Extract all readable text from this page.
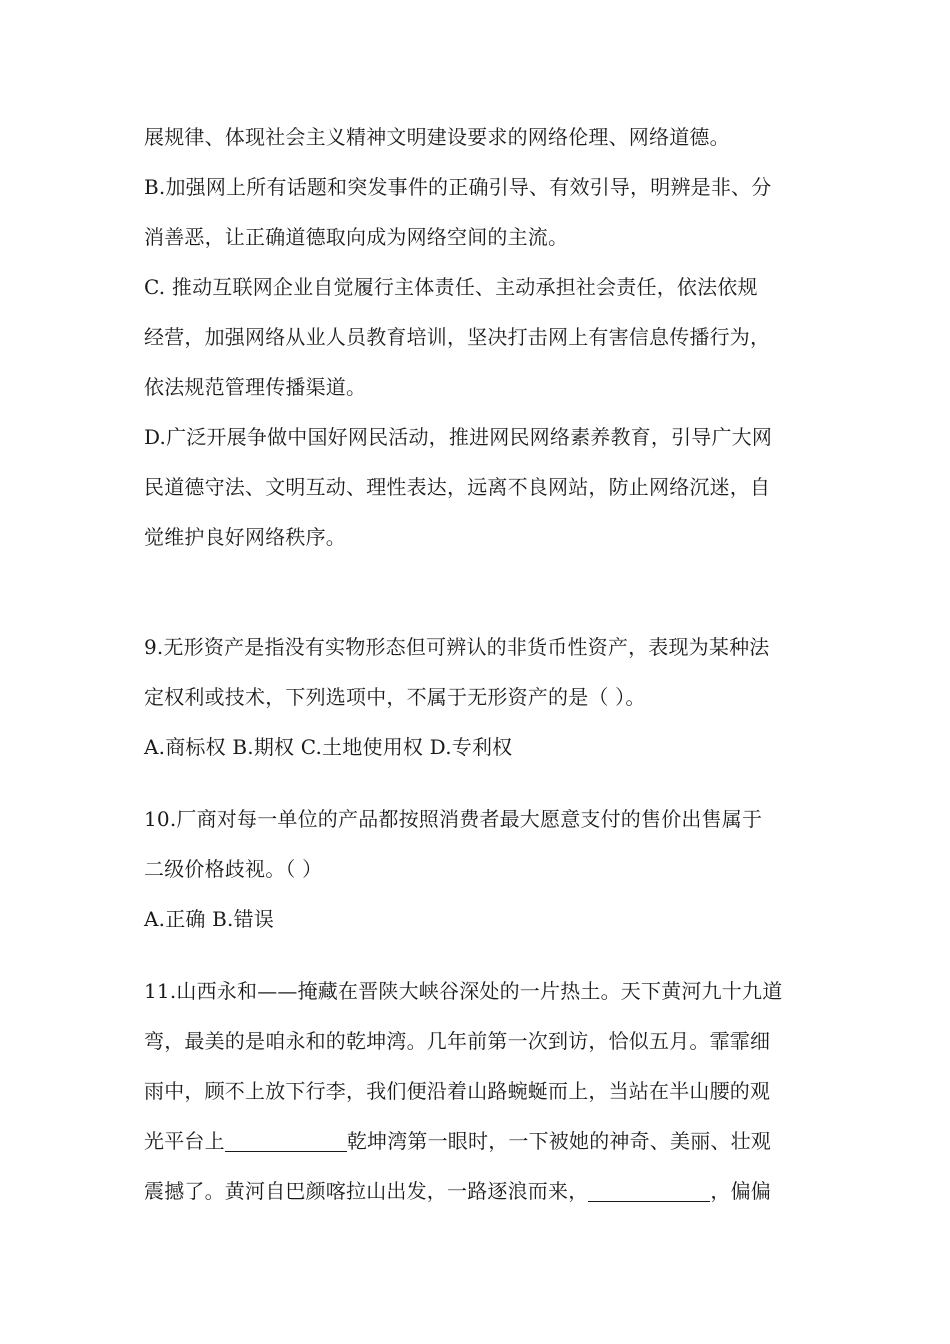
展规律、体现社会主义精神文明建设要求的网络伦理、网络道德。
B.加强网上所有话题和突发事件的正确引导、有效引导，明辨是非、分
消善恶，让正确道德取向成为网络空间的主流。
C. 推动互联网企业自觉履行主体责任、主动承担社会责任，依法依规
经营，加强网络从业人员教育培训，坚决打击网上有害信息传播行为，
依法规范管理传播渠道。
D.广泛开展争做中国好网民活动，推进网民网络素养教育，引导广大网
民道德守法、文明互动、理性表达，远离不良网站，防止网络沉迷，自
觉维护良好网络秩序。
9.无形资产是指没有实物形态但可辨认的非货币性资产，表现为某种法
定权利或技术，下列选项中，不属于无形资产的是（ ）。
A.商标权 B.期权 C.土地使用权 D.专利权
10.厂商对每一单位的产品都按照消费者最大愿意支付的售价出售属于
二级价格歧视。（ ）
A.正确 B.错误
11.山西永和——掩藏在晋陕大峡谷深处的一片热土。天下黄河九十九道
弯，最美的是咱永和的乾坤湾。几年前第一次到访，恰似五月。霏霏细
雨中，顾不上放下行李，我们便沿着山路蜿蜒而上，当站在半山腰的观
光平台上	乾坤湾第一眼时，一下被她的神奇、美丽、壮观
震撼了。黄河自巴颜喀拉山出发，一路逐浪而来，	，偏偏
